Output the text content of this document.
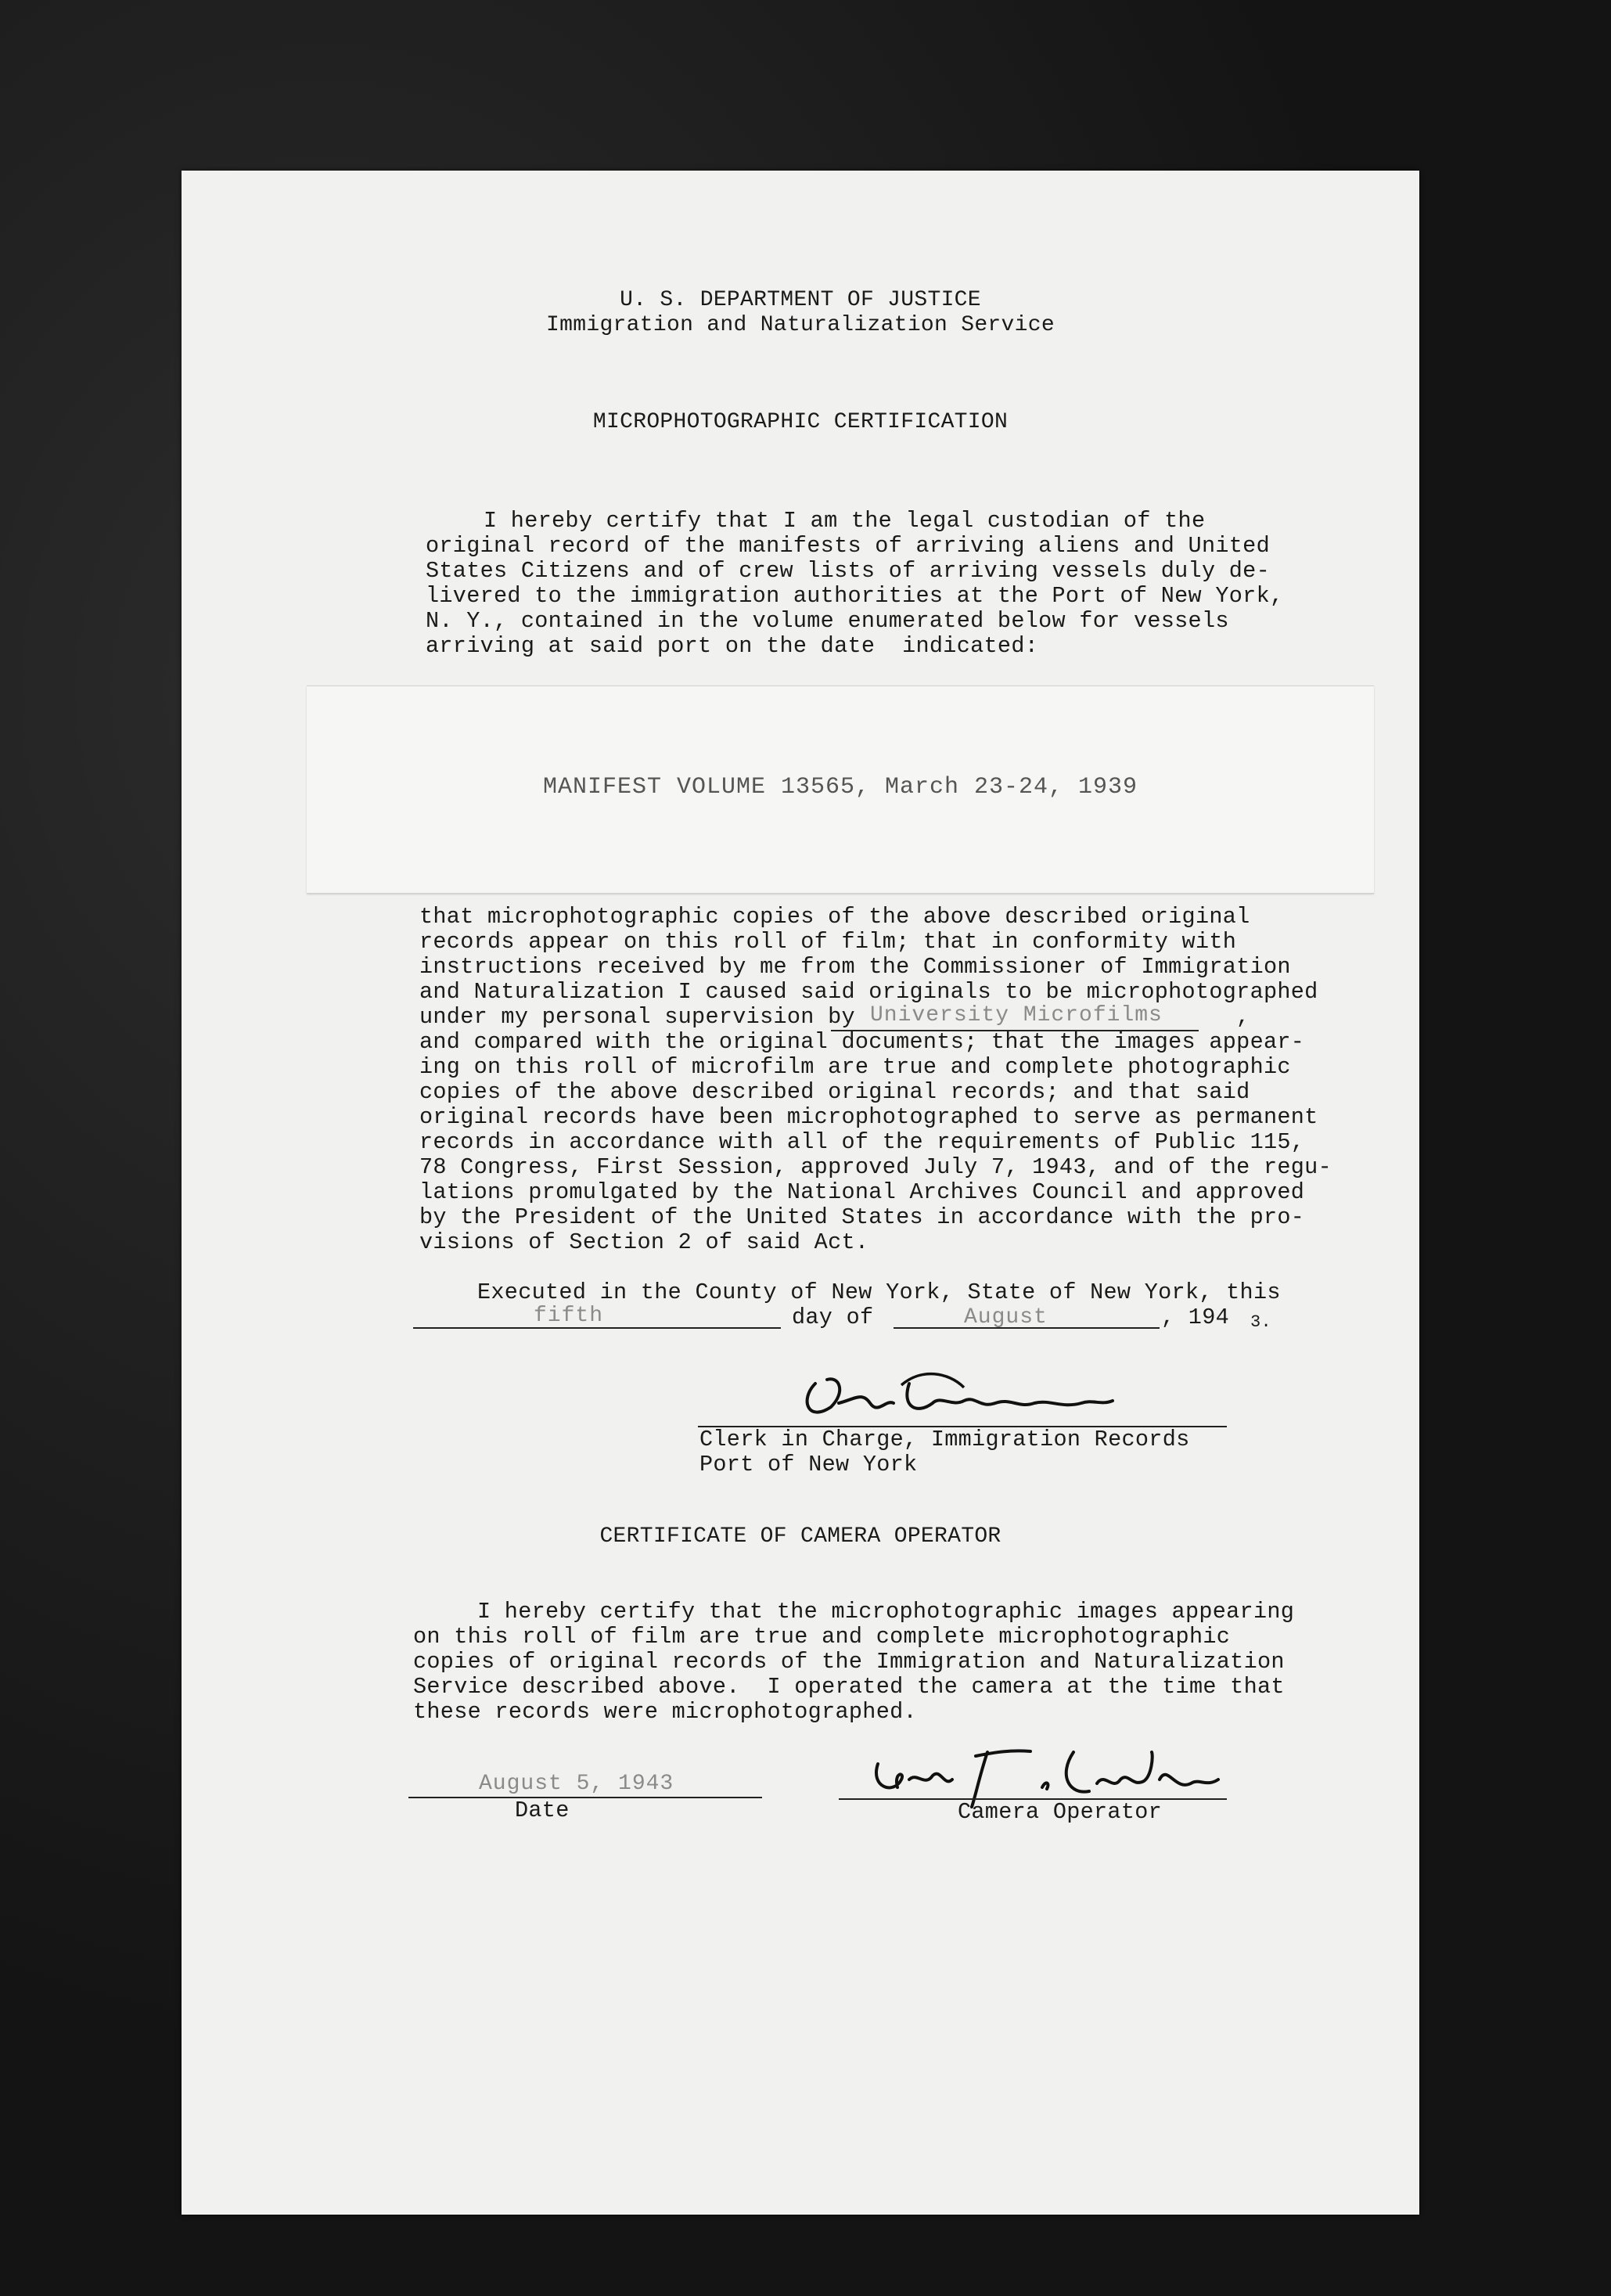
U. S. DEPARTMENT OF JUSTICE
Immigration and Naturalization Service
MICROPHOTOGRAPHIC CERTIFICATION
I hereby certify that I am the legal custodian of the
original record of the manifests of arriving aliens and United
States Citizens and of crew lists of arriving vessels duly de-
livered to the immigration authorities at the Port of New York,
N. Y., contained in the volume enumerated below for vessels
arriving at said port on the date  indicated:
MANIFEST VOLUME 13565, March 23-24, 1939
that microphotographic copies of the above described original
records appear on this roll of film; that in conformity with
instructions received by me from the Commissioner of Immigration
and Naturalization I caused said originals to be microphotographed
under my personal supervision by University Microfilms	,
and compared with the original documents; that the images appear-
ing on this roll of microfilm are true and complete photographic
copies of the above described original records; and that said
original records have been microphotographed to serve as permanent
records in accordance with all of the requirements of Public 115,
78 Congress, First Session, approved July 7, 1943, and of the regu-
lations promulgated by the National Archives Council and approved
by the President of the United States in accordance with the pro-
visions of Section 2 of said Act.
Executed in the County of New York, State of New York, this
fifth	day of	August	, 194 3.
Clerk in Charge, Immigration Records
Port of New York
CERTIFICATE OF CAMERA OPERATOR
I hereby certify that the microphotographic images appearing
on this roll of film are true and complete microphotographic
copies of original records of the Immigration and Naturalization
Service described above.  I operated the camera at the time that
these records were microphotographed.
August 5, 1943
Date	Camera Operator
